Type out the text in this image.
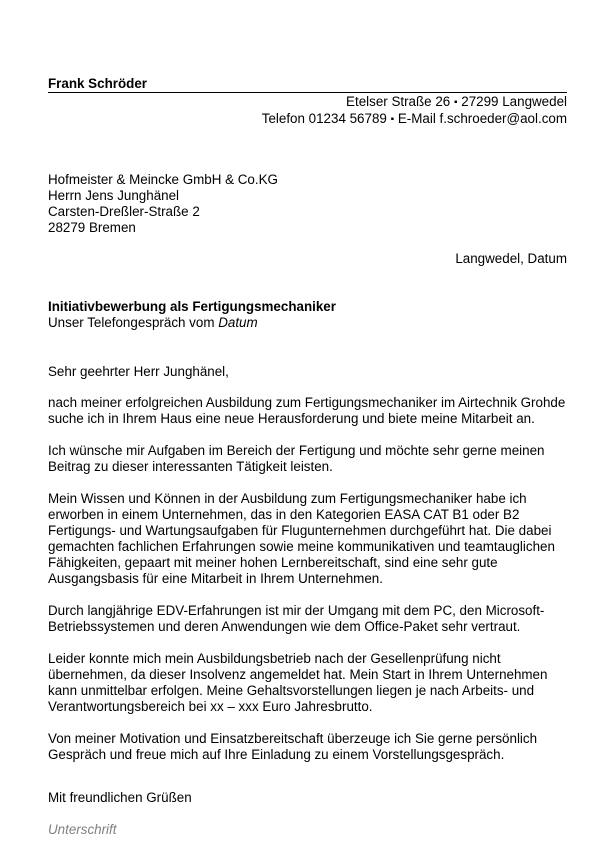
Frank Schröder
Etelser Straße 26 ▪ 27299 Langwedel
Telefon 01234 56789 ▪ E-Mail f.schroeder@aol.com
Hofmeister & Meincke GmbH & Co.KG
Herrn Jens Junghänel
Carsten-Dreßler-Straße 2
28279 Bremen
Langwedel, Datum
Initiativbewerbung als Fertigungsmechaniker
Unser Telefongespräch vom Datum
Sehr geehrter Herr Junghänel,

nach meiner erfolgreichen Ausbildung zum Fertigungsmechaniker im Airtechnik Grohde suche ich in Ihrem Haus eine neue Herausforderung und biete meine Mitarbeit an.

Ich wünsche mir Aufgaben im Bereich der Fertigung und möchte sehr gerne meinen Beitrag zu dieser interessanten Tätigkeit leisten.

Mein Wissen und Können in der Ausbildung zum Fertigungsmechaniker habe ich erworben in einem Unternehmen, das in den Kategorien EASA CAT B1 oder B2 Fertigungs- und Wartungsaufgaben für Flugunternehmen durchgeführt hat. Die dabei gemachten fachlichen Erfahrungen sowie meine kommunikativen und teamtauglichen Fähigkeiten, gepaart mit meiner hohen Lernbereitschaft, sind eine sehr gute Ausgangsbasis für eine Mitarbeit in Ihrem Unternehmen.

Durch langjährige EDV-Erfahrungen ist mir der Umgang mit dem PC, den Microsoft-Betriebssystemen und deren Anwendungen wie dem Office-Paket sehr vertraut.

Leider konnte mich mein Ausbildungsbetrieb nach der Gesellenprüfung nicht übernehmen, da dieser Insolvenz angemeldet hat. Mein Start in Ihrem Unternehmen kann unmittelbar erfolgen. Meine Gehaltsvorstellungen liegen je nach Arbeits- und Verantwortungsbereich bei xx – xxx Euro Jahresbrutto.

Von meiner Motivation und Einsatzbereitschaft überzeuge ich Sie gerne persönlich Gespräch und freue mich auf Ihre Einladung zu einem Vorstellungsgespräch.

Mit freundlichen Grüßen
Unterschrift
